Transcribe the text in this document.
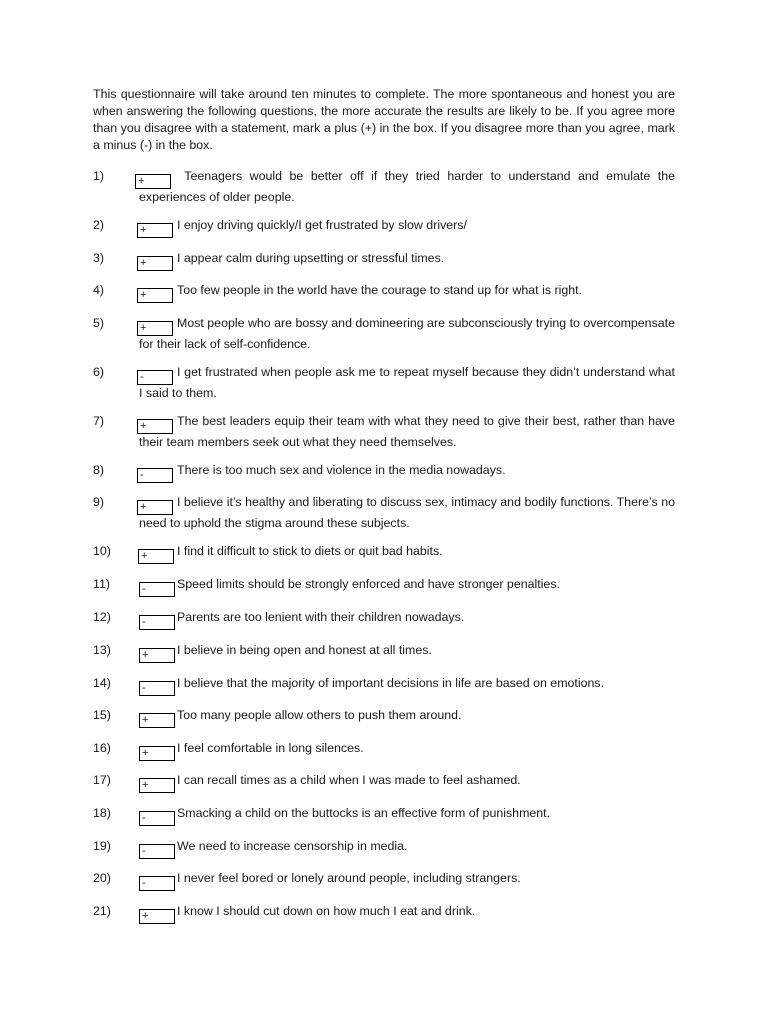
This questionnaire will take around ten minutes to complete. The more spontaneous and honest you are when answering the following questions, the more accurate the results are likely to be. If you agree more than you disagree with a statement, mark a plus (+) in the box. If you disagree more than you agree, mark a minus (-) in the box.

1)	+	Teenagers would be better off if they tried harder to understand and emulate the experiences of older people.
2)	+ I enjoy driving quickly/I get frustrated by slow drivers/
3)	+ I appear calm during upsetting or stressful times.
4)	+ Too few people in the world have the courage to stand up for what is right.
5)	+ Most people who are bossy and domineering are subconsciously trying to overcompensate for their lack of self-confidence.
6)	-	I get frustrated when people ask me to repeat myself because they didn’t understand what I said to them.
7)	+ The best leaders equip their team with what they need to give their best, rather than have their team members seek out what they need themselves.
8)	-	There is too much sex and violence in the media nowadays.
9)	+ I believe it’s healthy and liberating to discuss sex, intimacy and bodily functions. There’s no need to uphold the stigma around these subjects.
10)	+ I find it difficult to stick to diets or quit bad habits.
11)	-	Speed limits should be strongly enforced and have stronger penalties.
12)	-	Parents are too lenient with their children nowadays.
13)	+ I believe in being open and honest at all times.
14)	-	I believe that the majority of important decisions in life are based on emotions.
15)	+ Too many people allow others to push them around.
16)	+ I feel comfortable in long silences.
17)	+ I can recall times as a child when I was made to feel ashamed.
18)	-	Smacking a child on the buttocks is an effective form of punishment.
19)	-	We need to increase censorship in media.
20)	-	I never feel bored or lonely around people, including strangers.
21)	+ I know I should cut down on how much I eat and drink.
